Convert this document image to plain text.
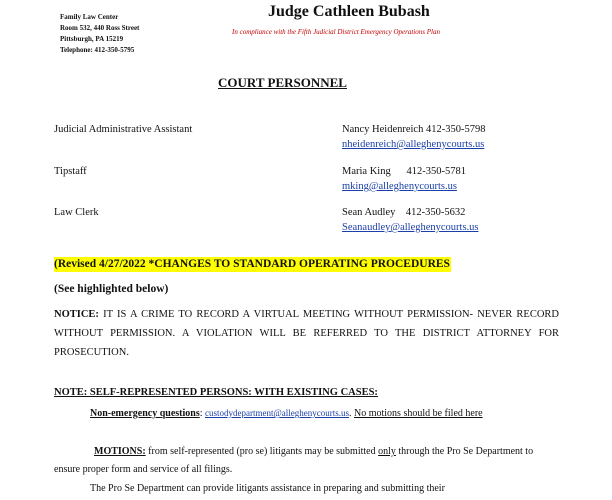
Family Law Center
Room 532, 440 Ross Street
Pittsburgh, PA 15219
Telephone: 412-350-5795
Judge Cathleen Bubash
In compliance with the Fifth Judicial District Emergency Operations Plan
COURT PERSONNEL
Judicial Administrative Assistant	Nancy Heidenreich 412-350-5798
nheidenreich@alleghenycourts.us
Tipstaff	Maria King      412-350-5781
mking@alleghenycourts.us
Law Clerk	Sean Audley    412-350-5632
Seanaudley@alleghenycourts.us
(Revised 4/27/2022 *CHANGES TO STANDARD OPERATING PROCEDURES
(See highlighted below)
NOTICE: IT IS A CRIME TO RECORD A VIRTUAL MEETING WITHOUT PERMISSION- NEVER RECORD WITHOUT PERMISSION. A VIOLATION WILL BE REFERRED TO THE DISTRICT ATTORNEY FOR PROSECUTION.
NOTE: SELF-REPRESENTED PERSONS: WITH EXISTING CASES:
Non-emergency questions: custodydepartment@alleghenycourts.us. No motions should be filed here
MOTIONS: from self-represented (pro se) litigants may be submitted only through the Pro Se Department to ensure proper form and service of all filings.
The Pro Se Department can provide litigants assistance in preparing and submitting their
